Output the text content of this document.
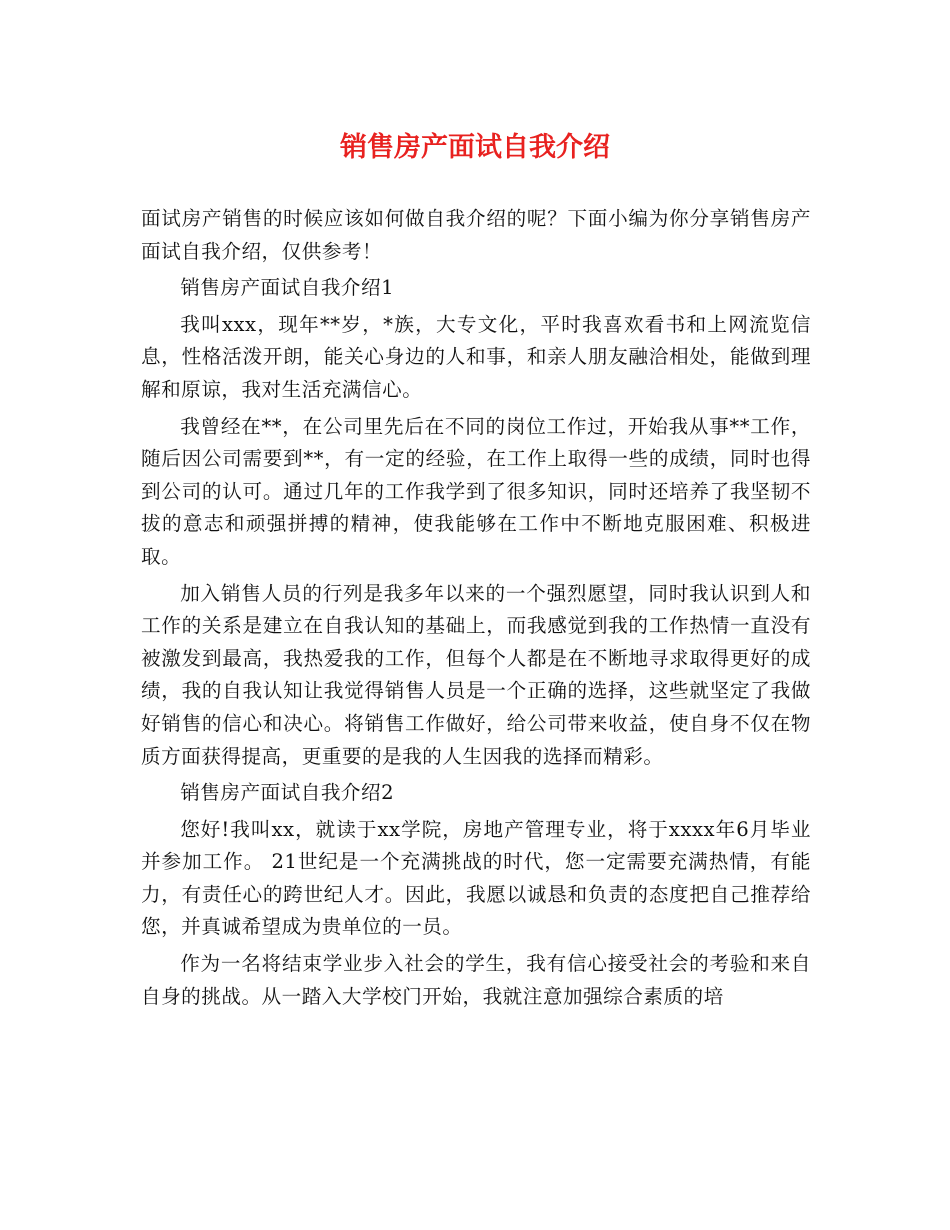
销售房产面试自我介绍

面试房产销售的时候应该如何做自我介绍的呢？下面小编为你分享销售房产面试自我介绍，仅供参考！

销售房产面试自我介绍1

我叫xxx，现年**岁，*族，大专文化，平时我喜欢看书和上网流览信息，性格活泼开朗，能关心身边的人和事，和亲人朋友融洽相处，能做到理解和原谅，我对生活充满信心。

我曾经在**，在公司里先后在不同的岗位工作过，开始我从事**工作，随后因公司需要到**，有一定的经验，在工作上取得一些的成绩，同时也得到公司的认可。通过几年的工作我学到了很多知识，同时还培养了我坚韧不拔的意志和顽强拼搏的精神，使我能够在工作中不断地克服困难、积极进取。

加入销售人员的行列是我多年以来的一个强烈愿望，同时我认识到人和工作的关系是建立在自我认知的基础上，而我感觉到我的工作热情一直没有被激发到最高，我热爱我的工作，但每个人都是在不断地寻求取得更好的成绩，我的自我认知让我觉得销售人员是一个正确的选择，这些就坚定了我做好销售的信心和决心。将销售工作做好，给公司带来收益，使自身不仅在物质方面获得提高，更重要的是我的人生因我的选择而精彩。

销售房产面试自我介绍2

您好!我叫xx，就读于xx学院，房地产管理专业，将于xxxx年6月毕业并参加工作。 21世纪是一个充满挑战的时代，您一定需要充满热情，有能力，有责任心的跨世纪人才。因此，我愿以诚恳和负责的态度把自己推荐给您，并真诚希望成为贵单位的一员。

作为一名将结束学业步入社会的学生，我有信心接受社会的考验和来自自身的挑战。从一踏入大学校门开始，我就注意加强综合素质的培
